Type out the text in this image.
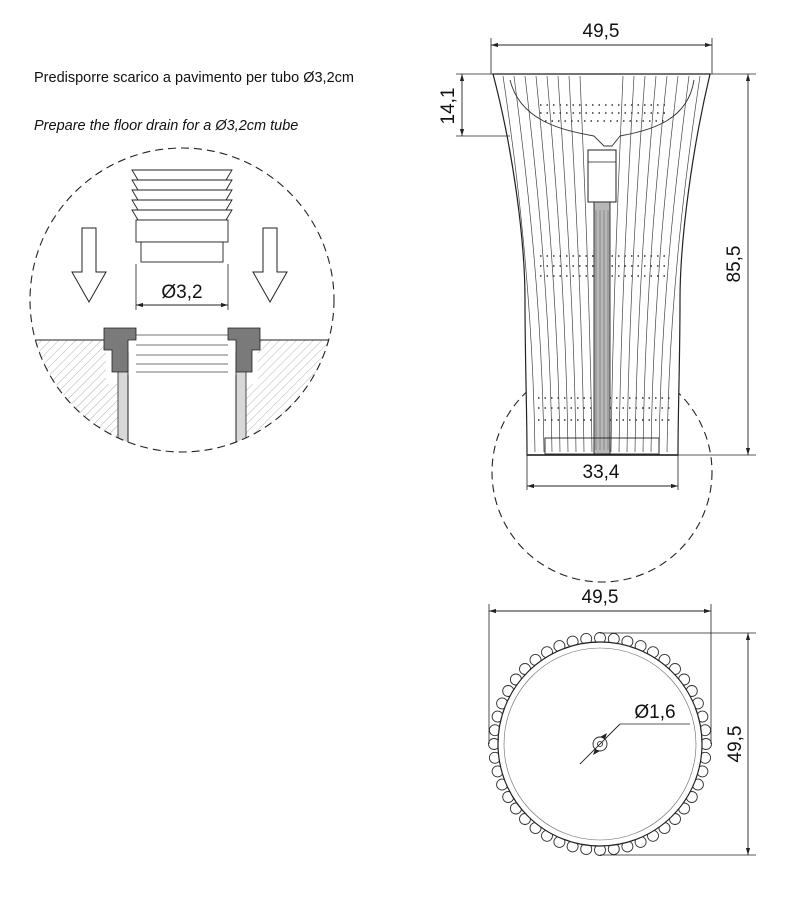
Predisporre scarico a pavimento per tubo Ø3,2cm
Prepare the floor drain for a Ø3,2cm tube
Ø3,2
49,5
14,1
85,5
33,4
Ø1,6
49,5
49,5
